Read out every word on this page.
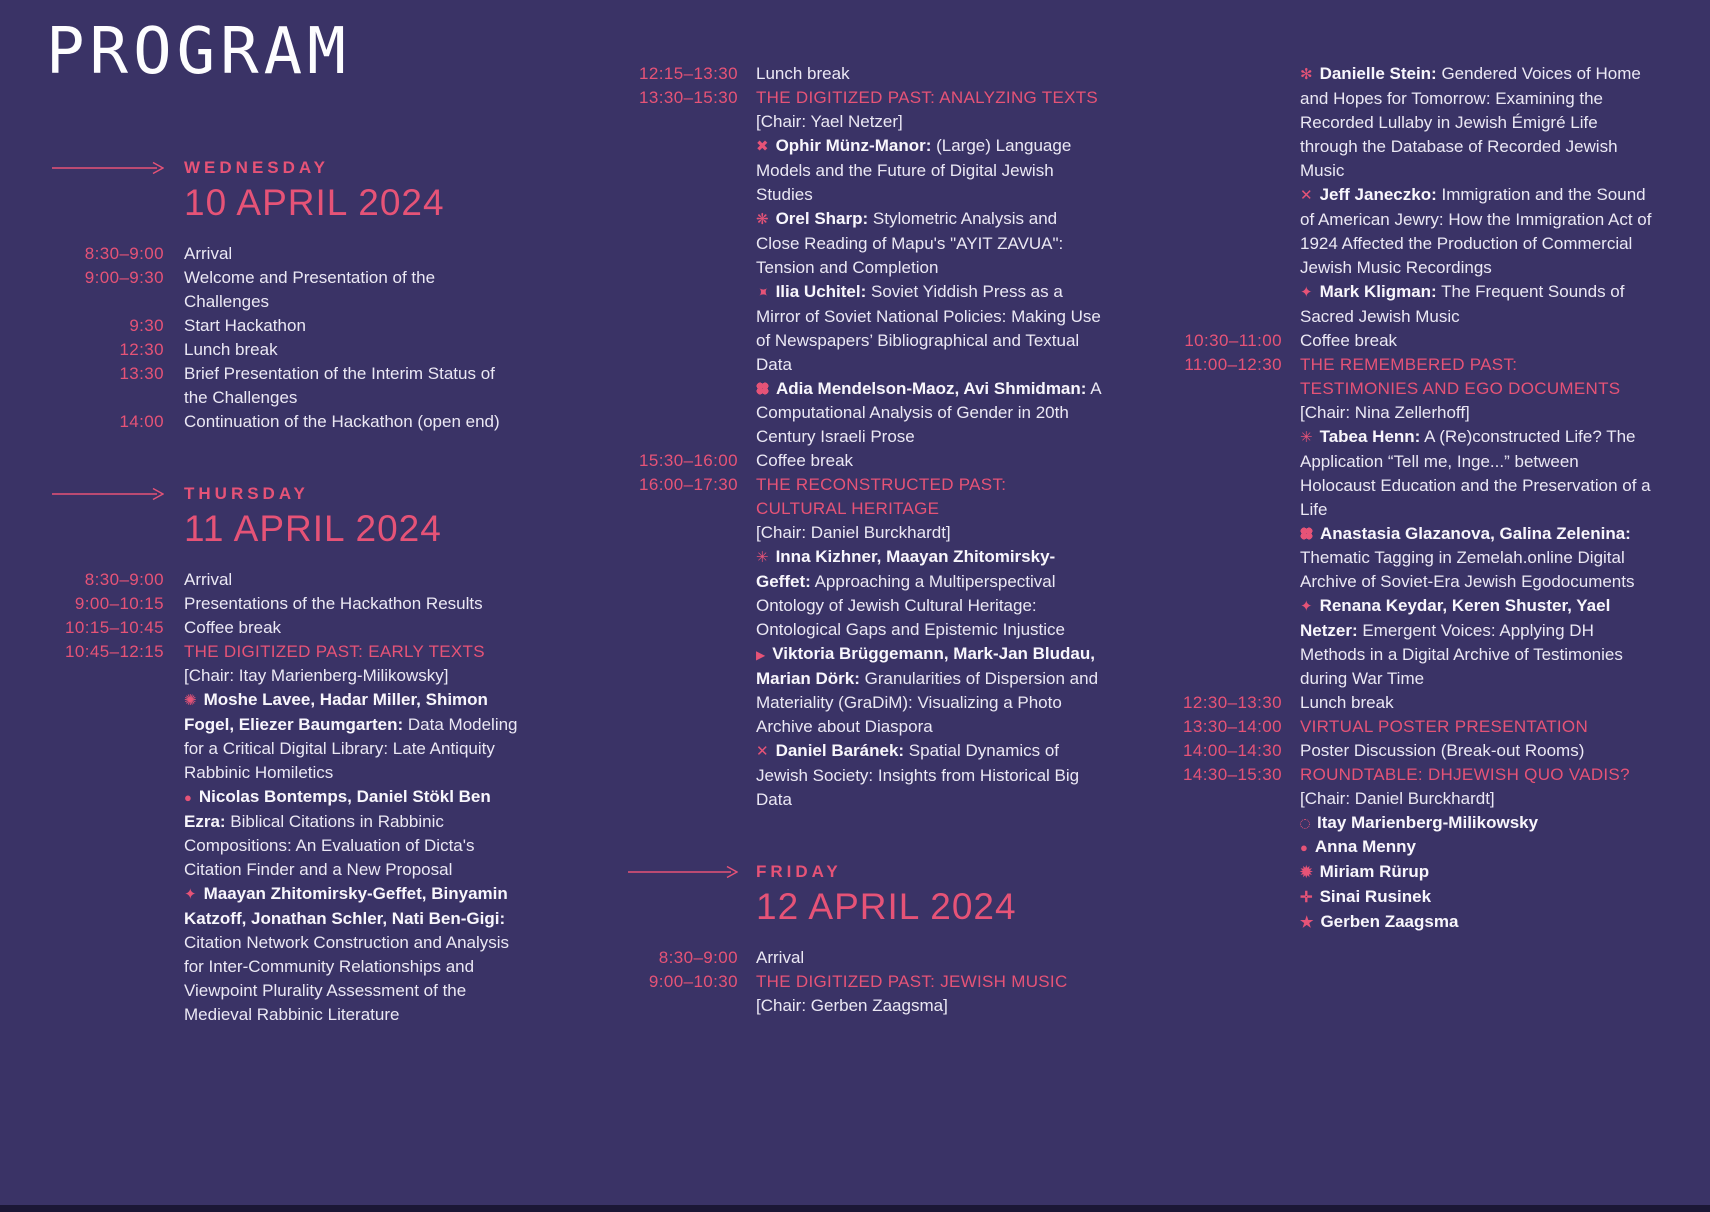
PROGRAM
WEDNESDAY
10 APRIL 2024
8:30–9:00 Arrival
9:00–9:30 Welcome and Presentation of the Challenges
9:30 Start Hackathon
12:30 Lunch break
13:30 Brief Presentation of the Interim Status of the Challenges
14:00 Continuation of the Hackathon (open end)
THURSDAY
11 APRIL 2024
8:30–9:00 Arrival
9:00–10:15 Presentations of the Hackathon Results
10:15–10:45 Coffee break
10:45–12:15 THE DIGITIZED PAST: EARLY TEXTS
[Chair: Itay Marienberg-Milikowsky]
✺ Moshe Lavee, Hadar Miller, Shimon Fogel, Eliezer Baumgarten: Data Modeling for a Critical Digital Library: Late Antiquity Rabbinic Homiletics
● Nicolas Bontemps, Daniel Stökl Ben Ezra: Biblical Citations in Rabbinic Compositions: An Evaluation of Dicta's Citation Finder and a New Proposal
✦ Maayan Zhitomirsky-Geffet, Binyamin Katzoff, Jonathan Schler, Nati Ben-Gigi: Citation Network Construction and Analysis for Inter-Community Relationships and Viewpoint Plurality Assessment of the Medieval Rabbinic Literature
12:15–13:30 Lunch break
13:30–15:30 THE DIGITIZED PAST: ANALYZING TEXTS
[Chair: Yael Netzer]
✖ Ophir Münz-Manor: (Large) Language Models and the Future of Digital Jewish Studies
❋ Orel Sharp: Stylometric Analysis and Close Reading of Mapu's "AYIT ZAVUA": Tension and Completion
✦ Ilia Uchitel: Soviet Yiddish Press as a Mirror of Soviet National Policies: Making Use of Newspapers’ Bibliographical and Textual Data
Adia Mendelson-Maoz, Avi Shmidman: A Computational Analysis of Gender in 20th Century Israeli Prose
15:30–16:00 Coffee break
16:00–17:30 THE RECONSTRUCTED PAST:
CULTURAL HERITAGE
[Chair: Daniel Burckhardt]
✳ Inna Kizhner, Maayan Zhitomirsky-Geffet: Approaching a Multiperspectival Ontology of Jewish Cultural Heritage: Ontological Gaps and Epistemic Injustice
▶ Viktoria Brüggemann, Mark-Jan Bludau, Marian Dörk: Granularities of Dispersion and Materiality (GraDiM): Visualizing a Photo Archive about Diaspora
✕ Daniel Baránek: Spatial Dynamics of Jewish Society: Insights from Historical Big Data
FRIDAY
12 APRIL 2024
8:30–9:00 Arrival
9:00–10:30 THE DIGITIZED PAST: JEWISH MUSIC
[Chair: Gerben Zaagsma]
✻ Danielle Stein: Gendered Voices of Home and Hopes for Tomorrow: Examining the Recorded Lullaby in Jewish Émigré Life through the Database of Recorded Jewish Music
✕ Jeff Janeczko: Immigration and the Sound of American Jewry: How the Immigration Act of 1924 Affected the Production of Commercial Jewish Music Recordings
✦ Mark Kligman: The Frequent Sounds of Sacred Jewish Music
10:30–11:00 Coffee break
11:00–12:30 THE REMEMBERED PAST:
TESTIMONIES AND EGO DOCUMENTS
[Chair: Nina Zellerhoff]
✳ Tabea Henn: A (Re)constructed Life? The Application “Tell me, Inge...” between Holocaust Education and the Preservation of a Life
Anastasia Glazanova, Galina Zelenina: Thematic Tagging in Zemelah.online Digital Archive of Soviet-Era Jewish Egodocuments
✦ Renana Keydar, Keren Shuster, Yael Netzer: Emergent Voices: Applying DH Methods in a Digital Archive of Testimonies during War Time
12:30–13:30 Lunch break
13:30–14:00 VIRTUAL POSTER PRESENTATION
14:00–14:30 Poster Discussion (Break-out Rooms)
14:30–15:30 ROUNDTABLE: DHJEWISH QUO VADIS?
[Chair: Daniel Burckhardt]
Itay Marienberg-Milikowsky
● Anna Menny
✹ Miriam Rürup
✛ Sinai Rusinek
★ Gerben Zaagsma
